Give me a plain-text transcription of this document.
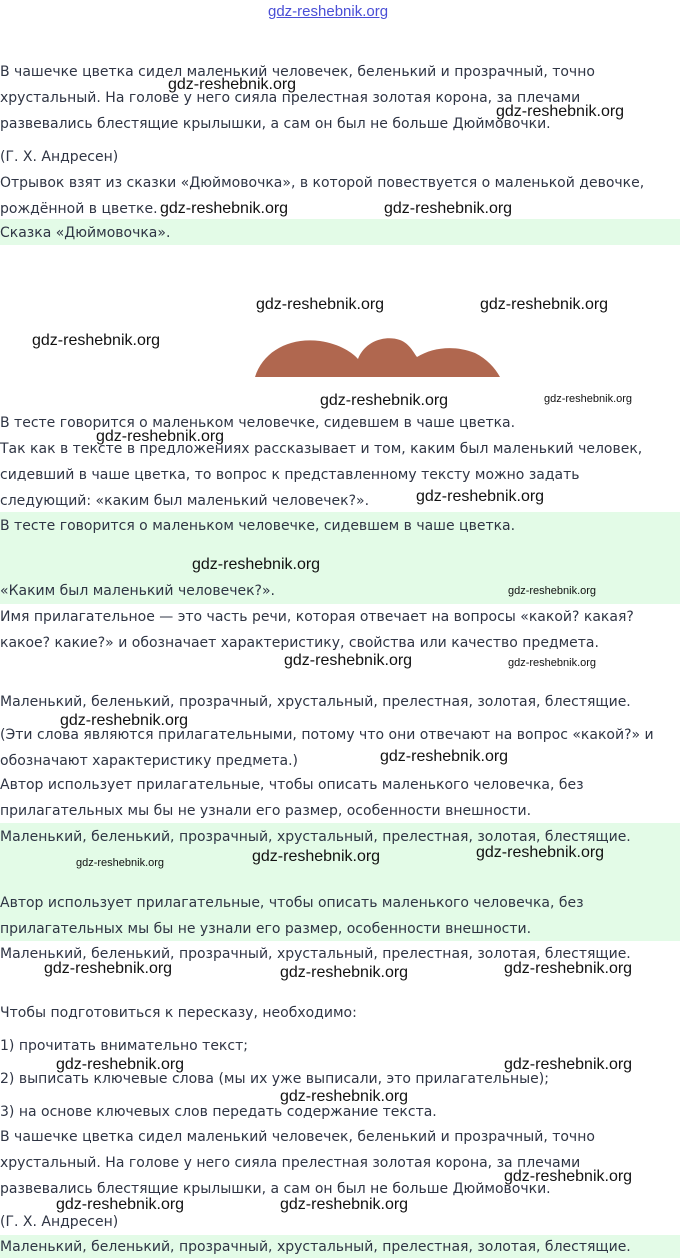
gdz-reshebnik.org

В чашечке цветка сидел маленький человечек, беленький и прозрачный, точно

хрустальный. На голове у него сияла прелестная золотая корона, за плечами

развевались блестящие крылышки, а сам он был не больше Дюймовочки.

(Г. Х. Андресен)

Отрывок взят из сказки «Дюймовочка», в которой повествуется о маленькой девочке,

рождённой в цветке.

Сказка «Дюймовочка».

В тесте говорится о маленьком человечке, сидевшем в чаше цветка.

Так как в тексте в предложениях рассказывает и том, каким был маленький человек,

сидевший в чаше цветка, то вопрос к представленному тексту можно задать

следующий: «каким был маленький человечек?».

В тесте говорится о маленьком человечке, сидевшем в чаше цветка.

«Каким был маленький человечек?».

Имя прилагательное — это часть речи, которая отвечает на вопросы «какой? какая?

какое? какие?» и обозначает характеристику, свойства или качество предмета.

Маленький, беленький, прозрачный, хрустальный, прелестная, золотая, блестящие.

(Эти слова являются прилагательными, потому что они отвечают на вопрос «какой?» и

обозначают характеристику предмета.)

Автор использует прилагательные, чтобы описать маленького человечка, без

прилагательных мы бы не узнали его размер, особенности внешности.

Маленький, беленький, прозрачный, хрустальный, прелестная, золотая, блестящие.

Автор использует прилагательные, чтобы описать маленького человечка, без

прилагательных мы бы не узнали его размер, особенности внешности.

Маленький, беленький, прозрачный, хрустальный, прелестная, золотая, блестящие.

Чтобы подготовиться к пересказу, необходимо:

1) прочитать внимательно текст;

2) выписать ключевые слова (мы их уже выписали, это прилагательные);

3) на основе ключевых слов передать содержание текста.

В чашечке цветка сидел маленький человечек, беленький и прозрачный, точно

хрустальный. На голове у него сияла прелестная золотая корона, за плечами

развевались блестящие крылышки, а сам он был не больше Дюймовочки.

(Г. Х. Андресен)

Маленький, беленький, прозрачный, хрустальный, прелестная, золотая, блестящие.

gdz-reshebnik.org
gdz-reshebnik.org
gdz-reshebnik.org	gdz-reshebnik.org
gdz-reshebnik.org	gdz-reshebnik.org
gdz-reshebnik.org
gdz-reshebnik.org	gdz-reshebnik.org
gdz-reshebnik.org
gdz-reshebnik.org
gdz-reshebnik.org
gdz-reshebnik.org
gdz-reshebnik.org	gdz-reshebnik.org
gdz-reshebnik.org
gdz-reshebnik.org
gdz-reshebnik.org	gdz-reshebnik.org	gdz-reshebnik.org
gdz-reshebnik.org	gdz-reshebnik.org	gdz-reshebnik.org
gdz-reshebnik.org	gdz-reshebnik.org
gdz-reshebnik.org
gdz-reshebnik.org
gdz-reshebnik.org	gdz-reshebnik.org
